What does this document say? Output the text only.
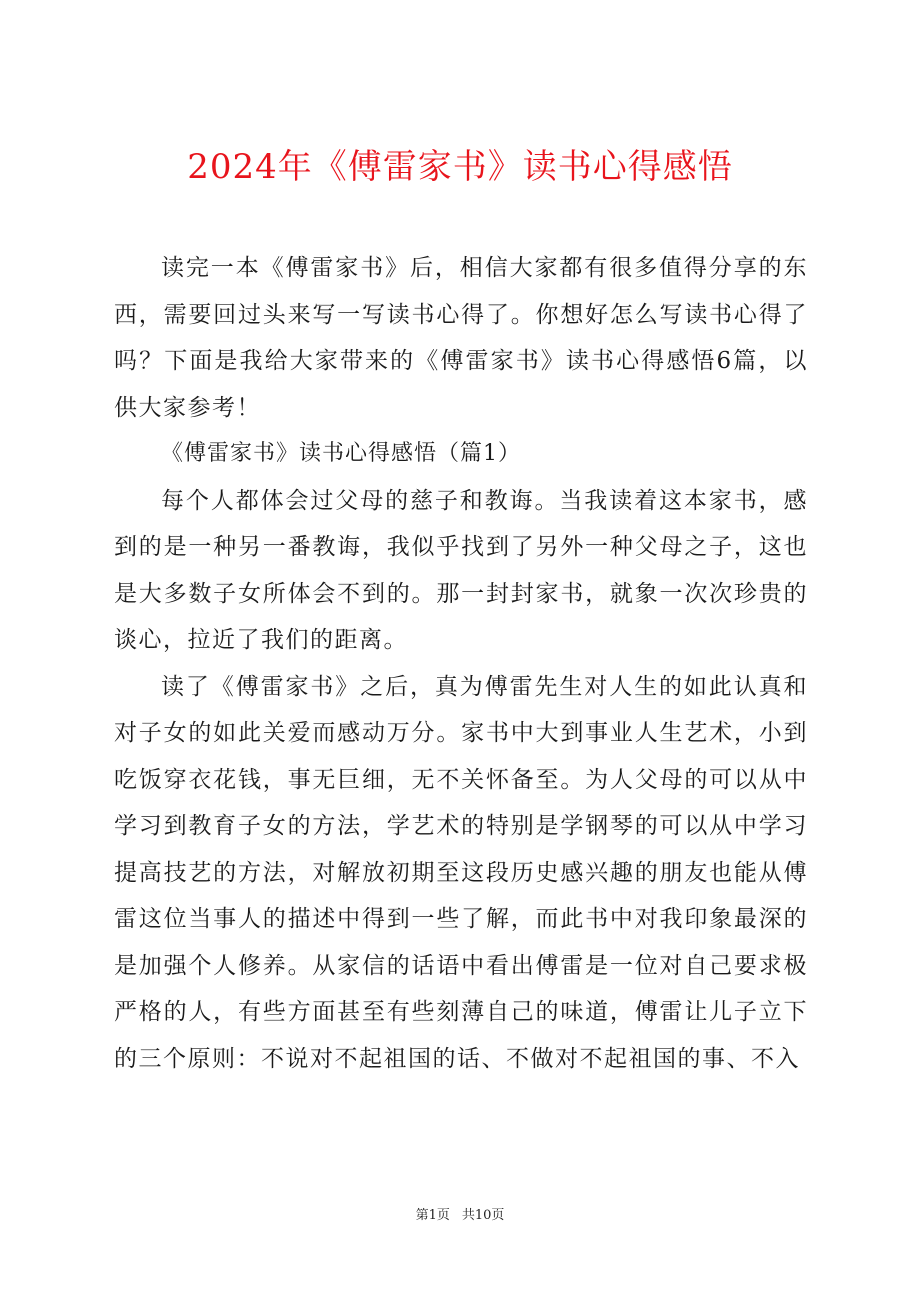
2024年《傅雷家书》读书心得感悟

读完一本《傅雷家书》后，相信大家都有很多值得分享的东西，需要回过头来写一写读书心得了。你想好怎么写读书心得了吗？下面是我给大家带来的《傅雷家书》读书心得感悟6篇，以供大家参考！

《傅雷家书》读书心得感悟（篇1）

每个人都体会过父母的慈子和教诲。当我读着这本家书，感到的是一种另一番教诲，我似乎找到了另外一种父母之子，这也是大多数子女所体会不到的。那一封封家书，就象一次次珍贵的谈心，拉近了我们的距离。

读了《傅雷家书》之后，真为傅雷先生对人生的如此认真和对子女的如此关爱而感动万分。家书中大到事业人生艺术，小到吃饭穿衣花钱，事无巨细，无不关怀备至。为人父母的可以从中学习到教育子女的方法，学艺术的特别是学钢琴的可以从中学习提高技艺的方法，对解放初期至这段历史感兴趣的朋友也能从傅雷这位当事人的描述中得到一些了解，而此书中对我印象最深的是加强个人修养。从家信的话语中看出傅雷是一位对自己要求极严格的人，有些方面甚至有些刻薄自己的味道，傅雷让儿子立下的三个原则：不说对不起祖国的话、不做对不起祖国的事、不入

第1页 共10页
